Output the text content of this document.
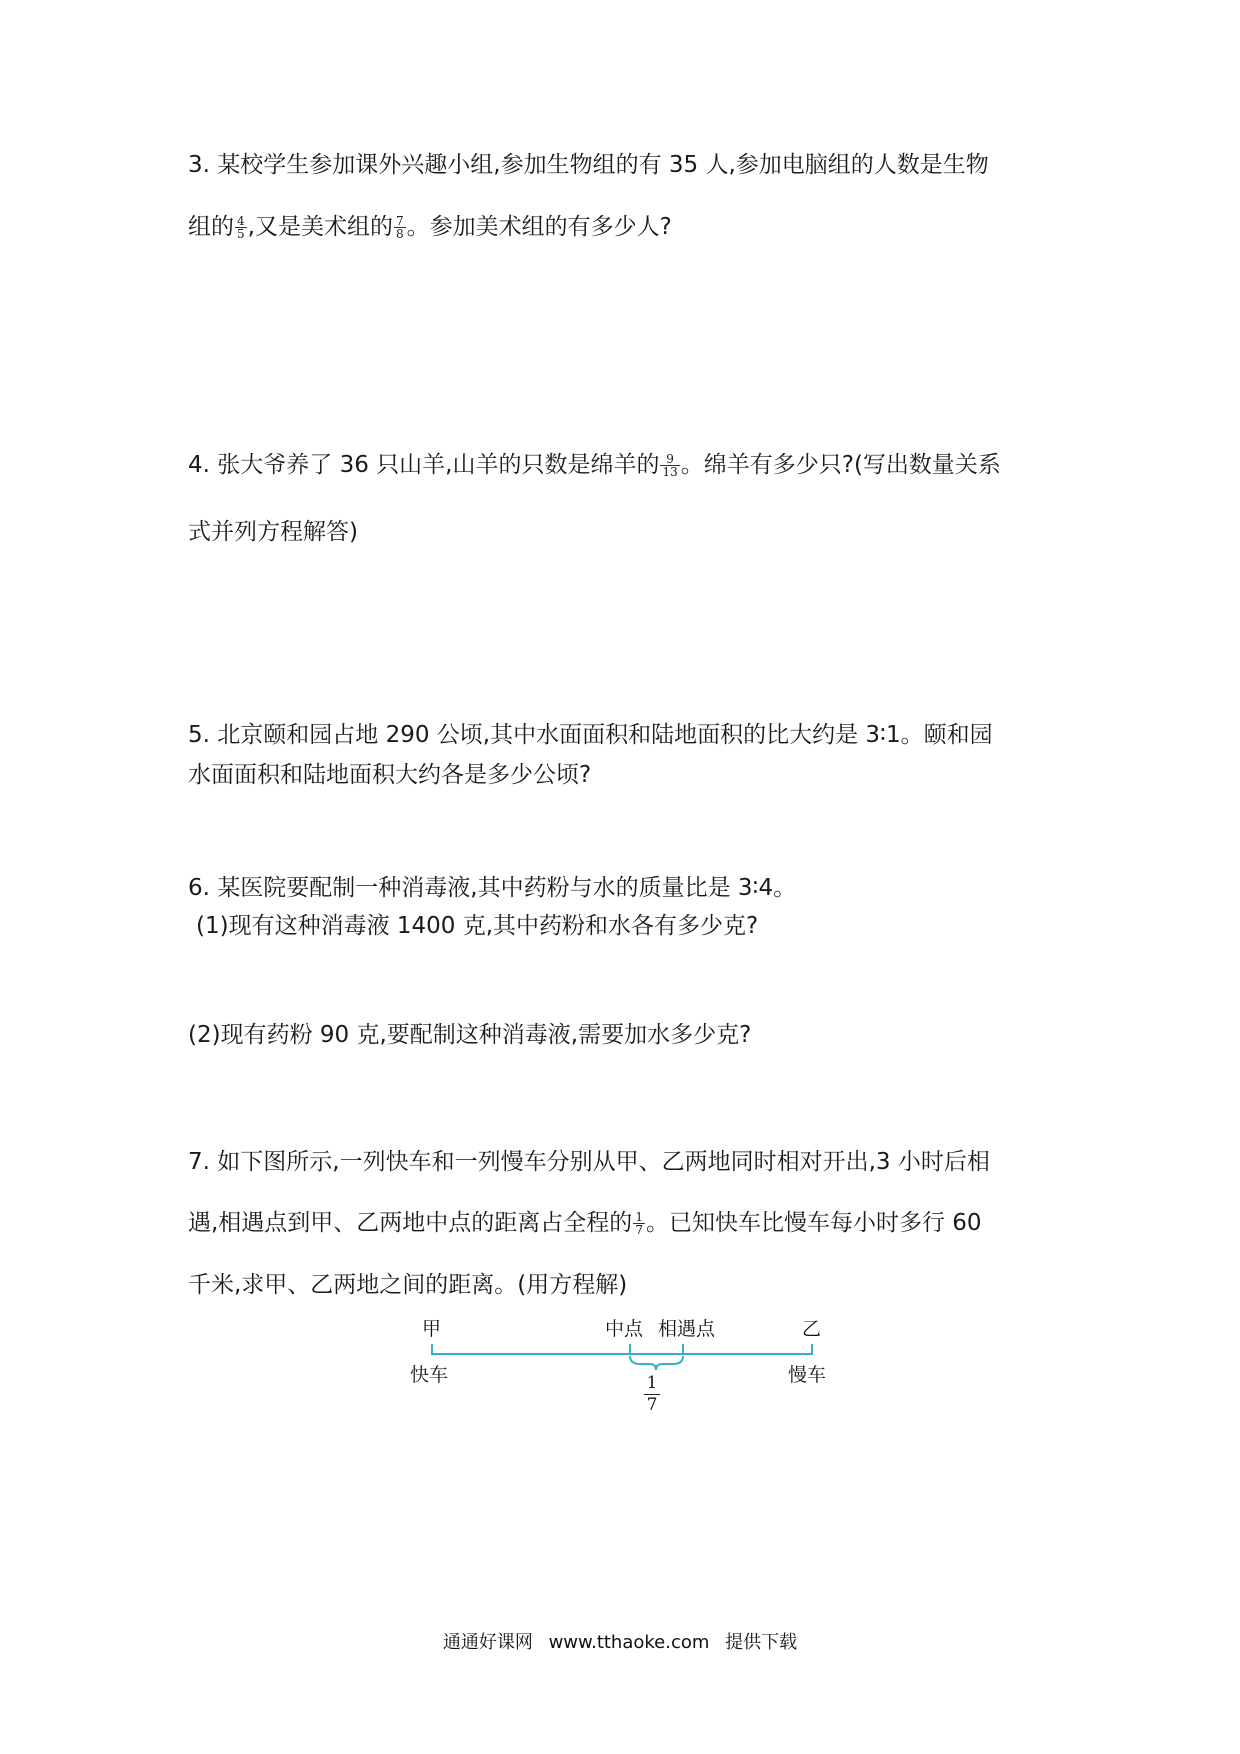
3. 某校学生参加课外兴趣小组,参加生物组的有 35 人,参加电脑组的人数是生物
组的 $\frac{4}{5}$ ,又是美术组的 $\frac{7}{8}$ 。参加美术组的有多少人?
4. 张大爷养了 36 只山羊,山羊的只数是绵羊的 $\frac{9}{13}$ 。绵羊有多少只?(写出数量关系
式并列方程解答)
5. 北京颐和园占地 290 公顷,其中水面面积和陆地面积的比大约是 3∶1。颐和园
水面面积和陆地面积大约各是多少公顷?
6. 某医院要配制一种消毒液,其中药粉与水的质量比是 3∶4。
(1)现有这种消毒液 1400 克,其中药粉和水各有多少克?
(2)现有药粉 90 克,要配制这种消毒液,需要加水多少克?
7. 如下图所示,一列快车和一列慢车分别从甲、乙两地同时相对开出,3 小时后相
遇,相遇点到甲、乙两地中点的距离占全程的 $\frac{1}{7}$ 。已知快车比慢车每小时多行 60
千米,求甲、乙两地之间的距离。(用方程解)
甲	中点 相遇点	乙
快车	慢车
1
7
通通好课网 www.tthaoke.com 提供下载
